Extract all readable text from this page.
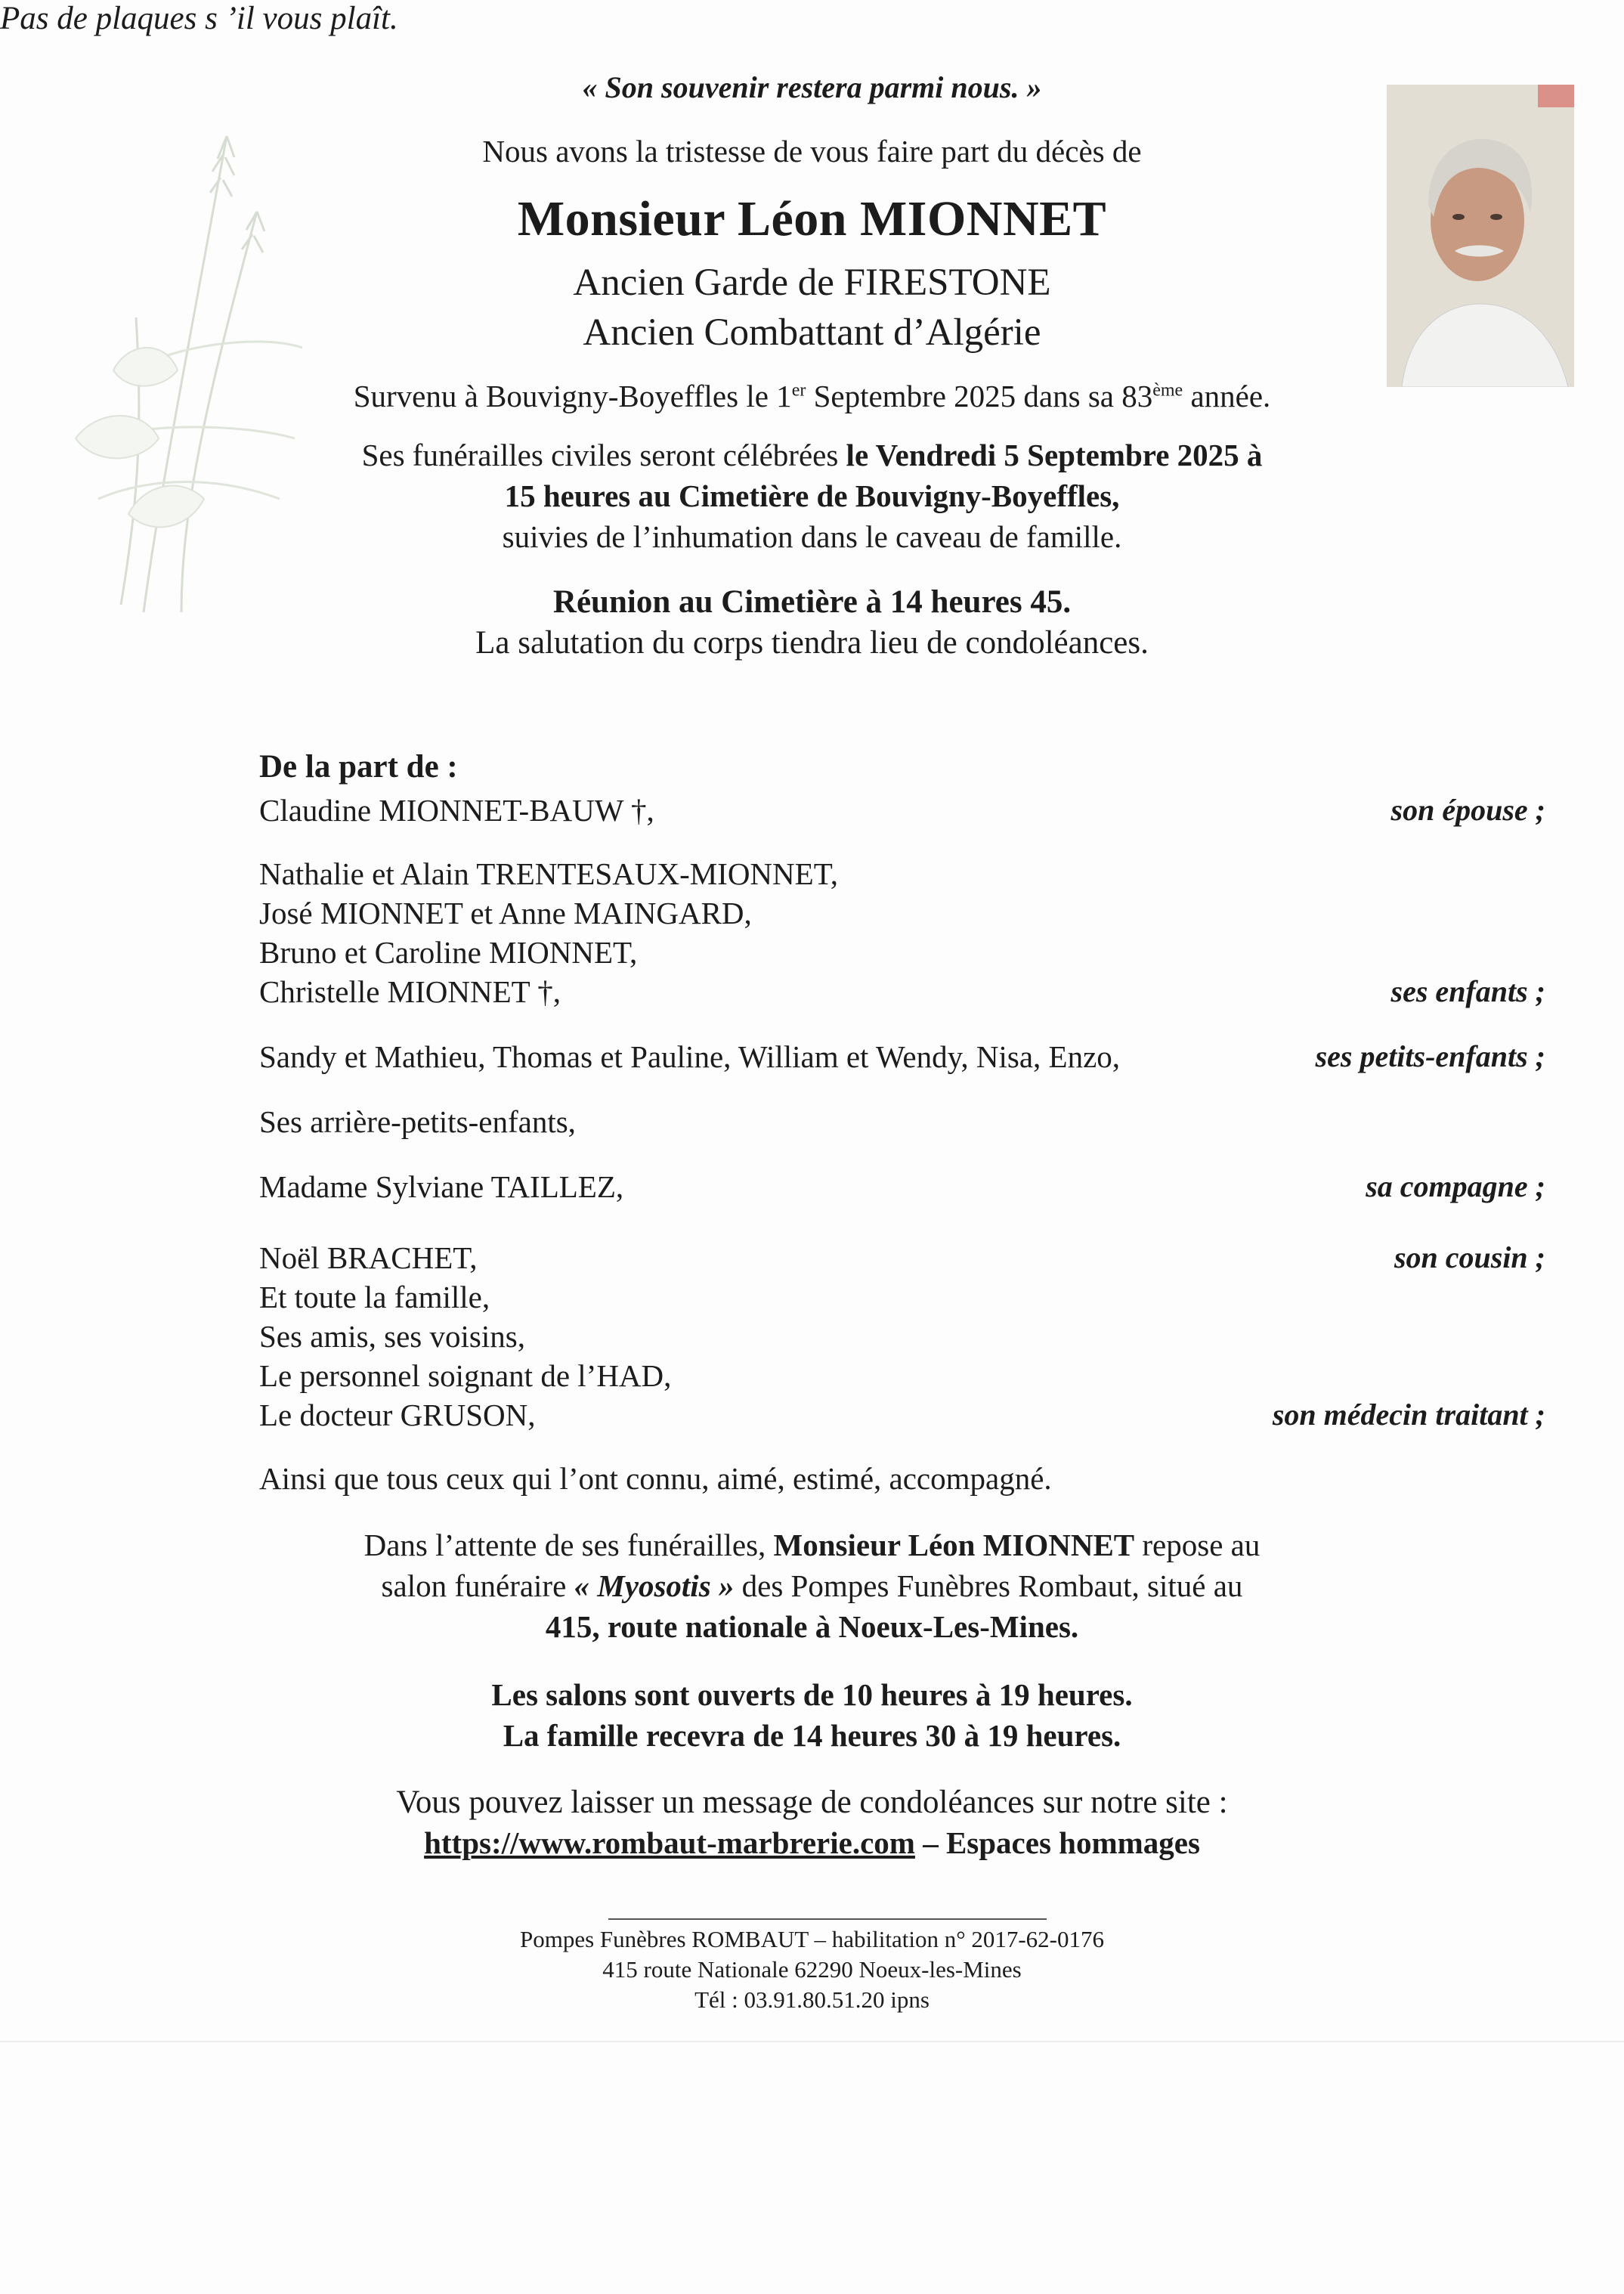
« Son souvenir restera parmi nous. »
Nous avons la tristesse de vous faire part du décès de
Monsieur Léon MIONNET
Ancien Garde de FIRESTONE
Ancien Combattant d’Algérie
Survenu à Bouvigny-Boyeffles le 1er Septembre 2025 dans sa 83ème année.
Ses funérailles civiles seront célébrées le Vendredi 5 Septembre 2025 à
15 heures au Cimetière de Bouvigny-Boyeffles,
suivies de l’inhumation dans le caveau de famille.
Réunion au Cimetière à 14 heures 45.
La salutation du corps tiendra lieu de condoléances.
Pas de plaques s ’il vous plaît.
De la part de :
Claudine MIONNET-BAUW †,	son épouse ;
Nathalie et Alain TRENTESAUX-MIONNET,
José MIONNET et Anne MAINGARD,
Bruno et Caroline MIONNET,
Christelle MIONNET †,	ses enfants ;
Sandy et Mathieu, Thomas et Pauline, William et Wendy, Nisa, Enzo,	ses petits-enfants ;
Ses arrière-petits-enfants,
Madame Sylviane TAILLEZ,	sa compagne ;
Noël BRACHET,	son cousin ;
Et toute la famille,
Ses amis, ses voisins,
Le personnel soignant de l’HAD,
Le docteur GRUSON,	son médecin traitant ;
Ainsi que tous ceux qui l’ont connu, aimé, estimé, accompagné.
Dans l’attente de ses funérailles, Monsieur Léon MIONNET repose au
salon funéraire « Myosotis » des Pompes Funèbres Rombaut, situé au
415, route nationale à Noeux-Les-Mines.
Les salons sont ouverts de 10 heures à 19 heures.
La famille recevra de 14 heures 30 à 19 heures.
Vous pouvez laisser un message de condoléances sur notre site :
https://www.rombaut-marbrerie.com – Espaces hommages
Pompes Funèbres ROMBAUT – habilitation n° 2017-62-0176
415 route Nationale 62290 Noeux-les-Mines
Tél : 03.91.80.51.20 ipns
